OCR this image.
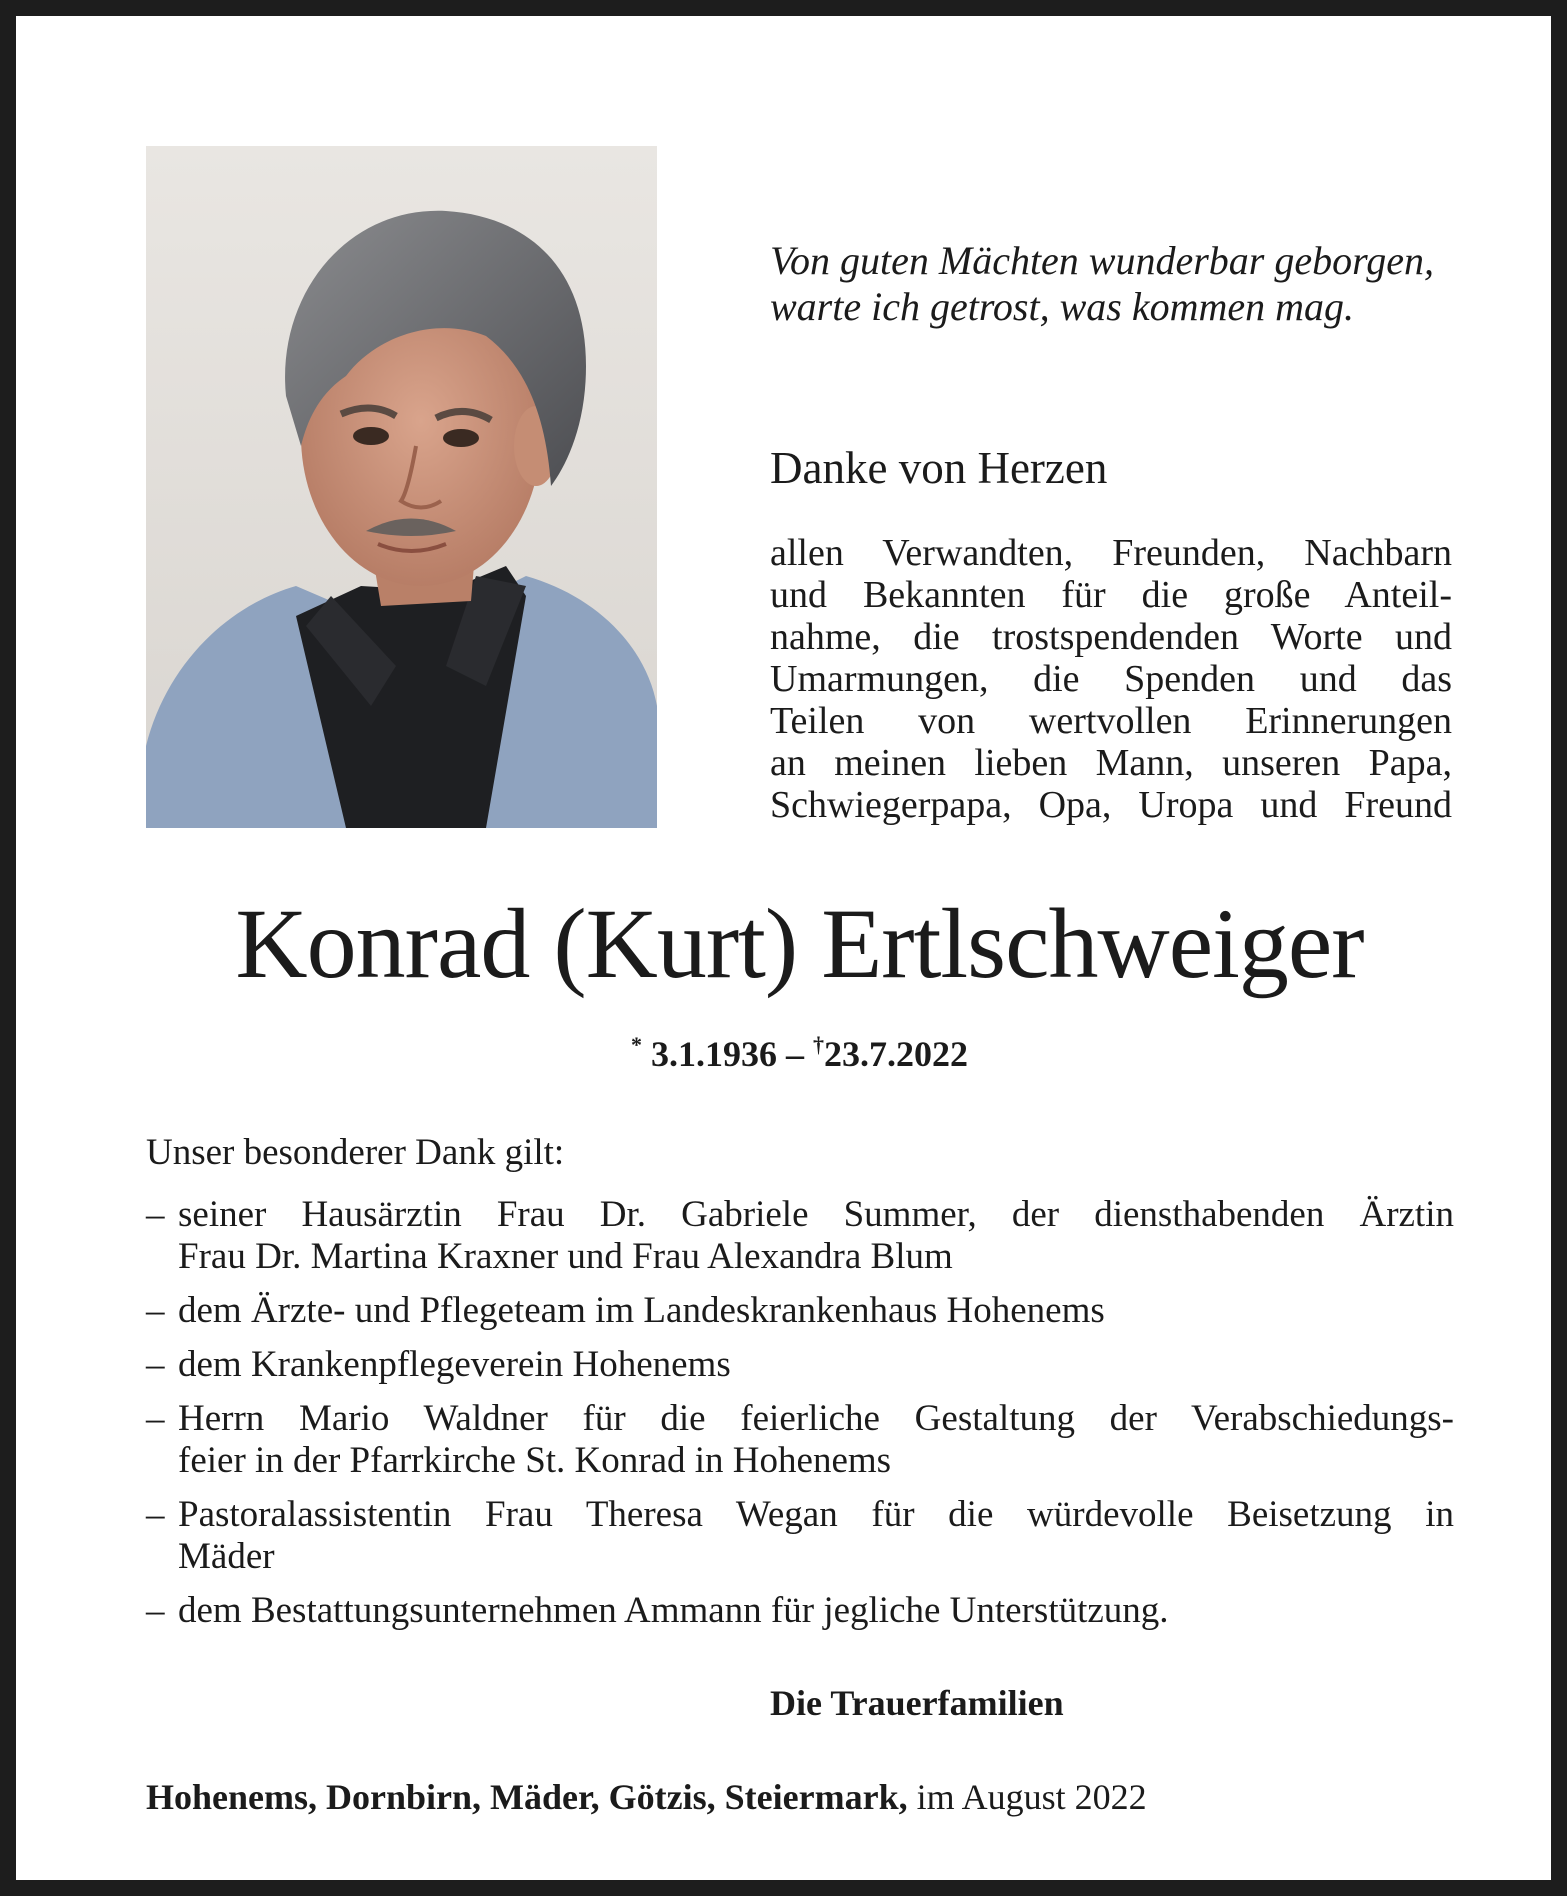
Von guten Mächten wunderbar geborgen,
warte ich getrost, was kommen mag.
Danke von Herzen
allen Verwandten, Freunden, Nachbarn
und Bekannten für die große Anteil-
nahme, die trostspendenden Worte und
Umarmungen, die Spenden und das
Teilen von wertvollen Erinnerungen
an meinen lieben Mann, unseren Papa,
Schwiegerpapa, Opa, Uropa und Freund
Konrad (Kurt) Ertlschweiger
* 3.1.1936 – †23.7.2022
Unser besonderer Dank gilt:
– seiner Hausärztin Frau Dr. Gabriele Summer, der diensthabenden Ärztin
Frau Dr. Martina Kraxner und Frau Alexandra Blum
– dem Ärzte- und Pflegeteam im Landeskrankenhaus Hohenems
– dem Krankenpflegeverein Hohenems
– Herrn Mario Waldner für die feierliche Gestaltung der Verabschiedungs-
feier in der Pfarrkirche St. Konrad in Hohenems
– Pastoralassistentin Frau Theresa Wegan für die würdevolle Beisetzung in
Mäder
– dem Bestattungsunternehmen Ammann für jegliche Unterstützung.
Die Trauerfamilien
Hohenems, Dornbirn, Mäder, Götzis, Steiermark, im August 2022
